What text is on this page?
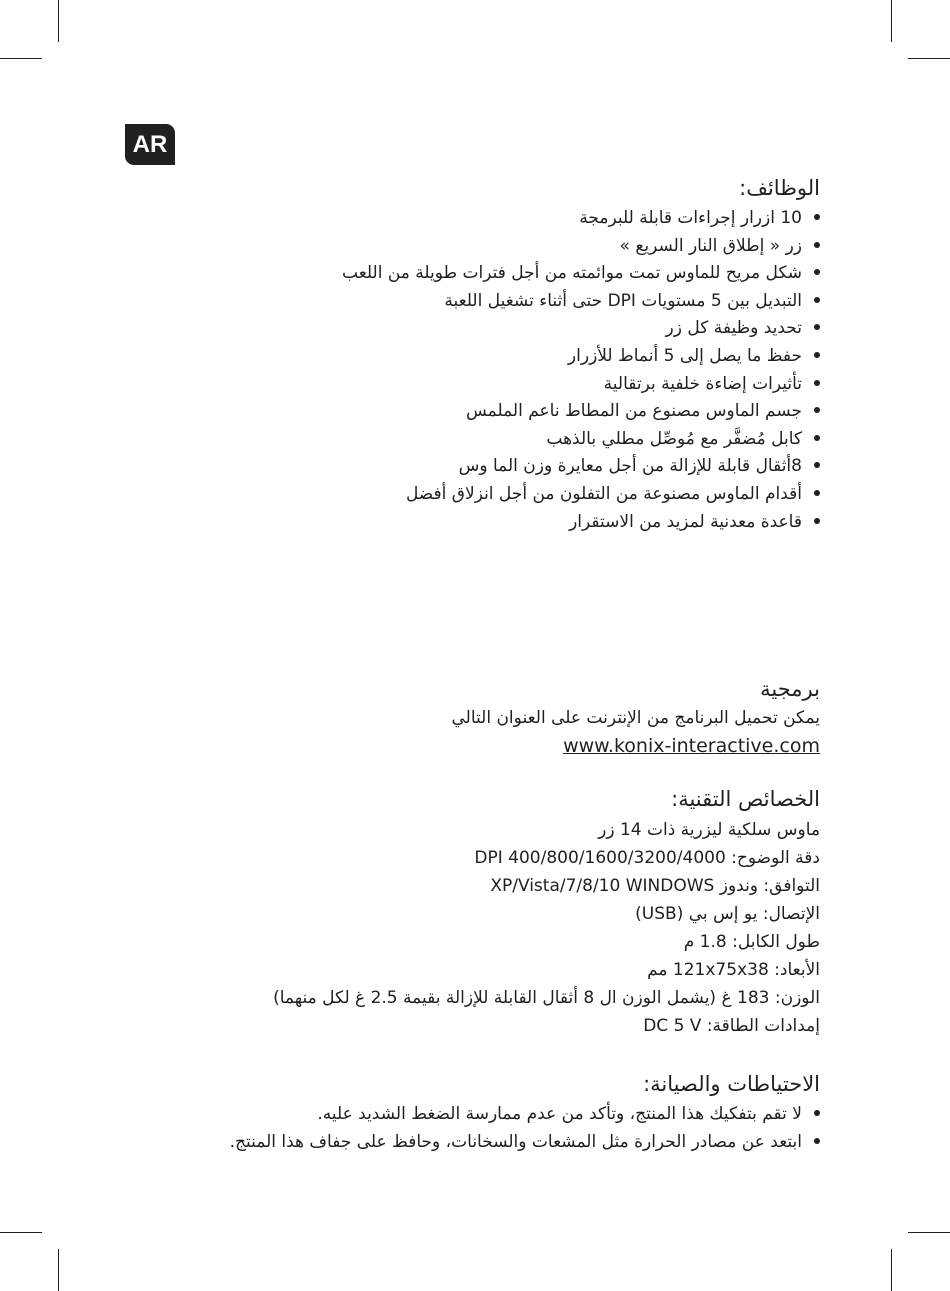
AR
الوظائف:
10 ازرار إجراءات قابلة للبرمجة
زر « إطلاق النار السريع »
شكل مريح للماوس تمت موائمته من أجل فترات طويلة من اللعب
التبديل بين 5 مستويات DPI حتى أثناء تشغيل اللعبة
تحديد وظيفة كل زر
حفظ ما يصل إلى 5 أنماط للأزرار
تأثيرات إضاءة خلفية برتقالية
جسم الماوس مصنوع من المطاط ناعم الملمس
كابل مُضفَّر مع مُوصِّل مطلي بالذهب
8أثقال قابلة للإزالة من أجل معايرة وزن الما وس
أقدام الماوس مصنوعة من التفلون من أجل انزلاق أفضل
قاعدة معدنية لمزيد من الاستقرار
برمجية
يمكن تحميل البرنامج من الإنترنت على العنوان التالي
www.konix-interactive.com
الخصائص التقنية:
ماوس سلكية ليزرية ذات 14 زر
دقة الوضوح: DPI 400/800/1600/3200/4000
التوافق: وندوز XP/Vista/7/8/10 WINDOWS
الإتصال: يو إس بي (USB)
طول الكابل: 1.8 م
الأبعاد: 121x75x38 مم
الوزن: 183 غ (يشمل الوزن ال 8 أثقال القابلة للإزالة بقيمة 2.5 غ لكل منهما)
إمدادات الطاقة: DC 5 V
الاحتياطات والصيانة:
لا تقم بتفكيك هذا المنتج، وتأكد من عدم ممارسة الضغط الشديد عليه.
ابتعد عن مصادر الحرارة مثل المشعات والسخانات، وحافظ على جفاف هذا المنتج.
